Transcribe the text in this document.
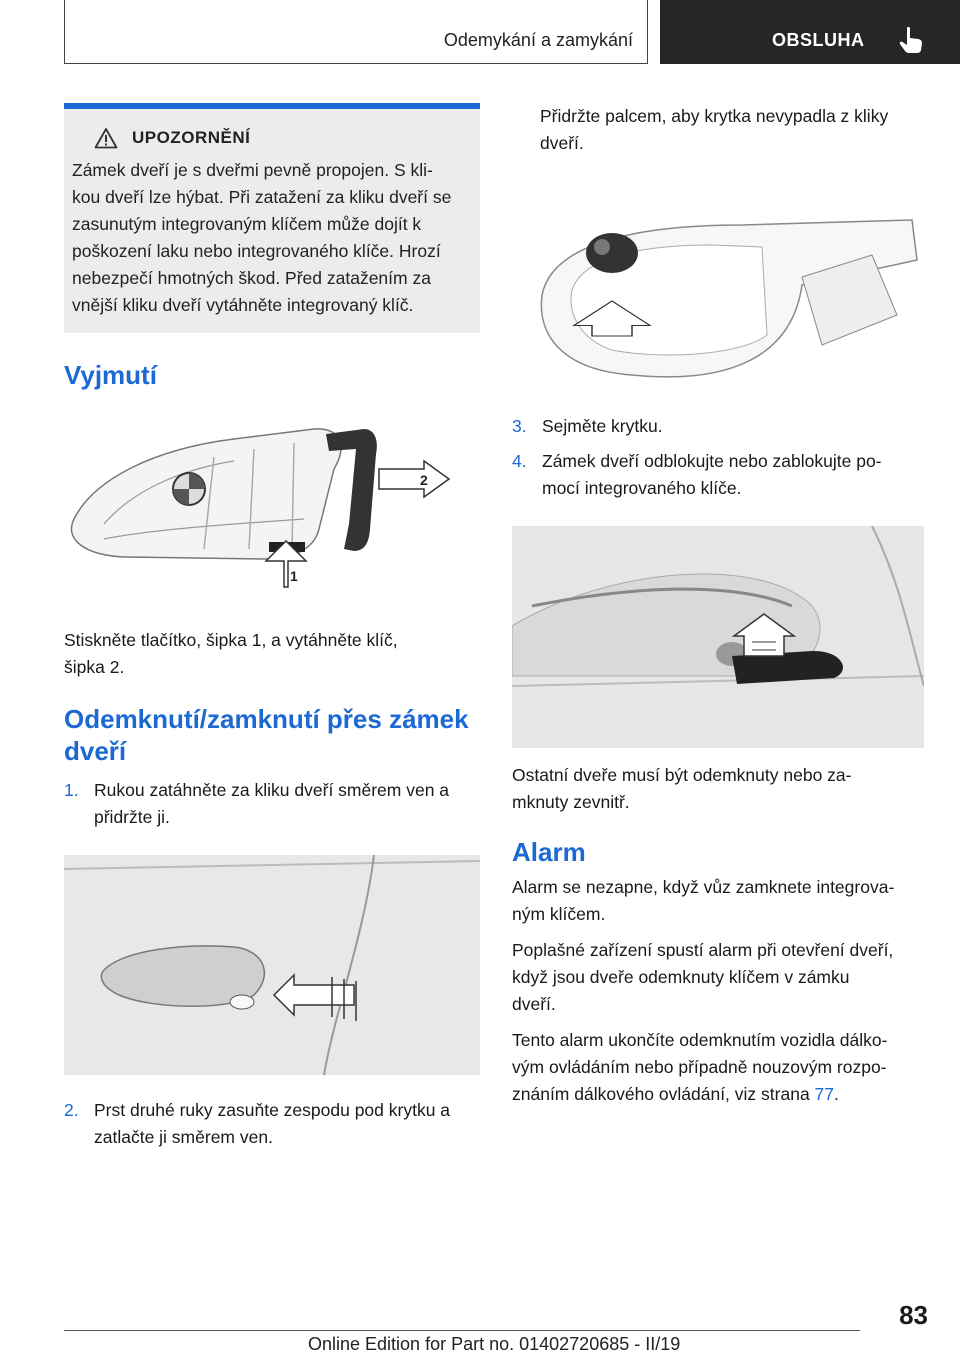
Odemykání a zamykání	OBSLUHA
UPOZORNĚNÍ
Zámek dveří je s dveřmi pevně propojen. S kli‐
kou dveří lze hýbat. Při zatažení za kliku dveří se
zasunutým integrovaným klíčem může dojít k
poškození laku nebo integrovaného klíče. Hrozí
nebezpečí hmotných škod. Před zatažením za
vnější kliku dveří vytáhněte integrovaný klíč.
Vyjmutí
2
1

Stiskněte tlačítko, šipka 1, a vytáhněte klíč,

šipka 2.

Odemknutí/zamknutí přes zámek
dveří
1. Rukou zatáhněte za kliku dveří směrem ven a
přidržte ji.
2. Prst druhé ruky zasuňte zespodu pod krytku a
zatlačte ji směrem ven.

Přidržte palcem, aby krytka nevypadla z kliky

dveří.

3. Sejměte krytku.
4. Zámek dveří odblokujte nebo zablokujte po‐
mocí integrovaného klíče.

Ostatní dveře musí být odemknuty nebo za‐

mknuty zevnitř.

Alarm

Alarm se nezapne, když vůz zamknete integrova‐

ným klíčem.

Poplašné zařízení spustí alarm při otevření dveří,

když jsou dveře odemknuty klíčem v zámku

dveří.

Tento alarm ukončíte odemknutím vozidla dálko‐

vým ovládáním nebo případně nouzovým rozpo‐

znáním dálkového ovládání, viz strana 77.

83
Online Edition for Part no. 01402720685 - II/19
